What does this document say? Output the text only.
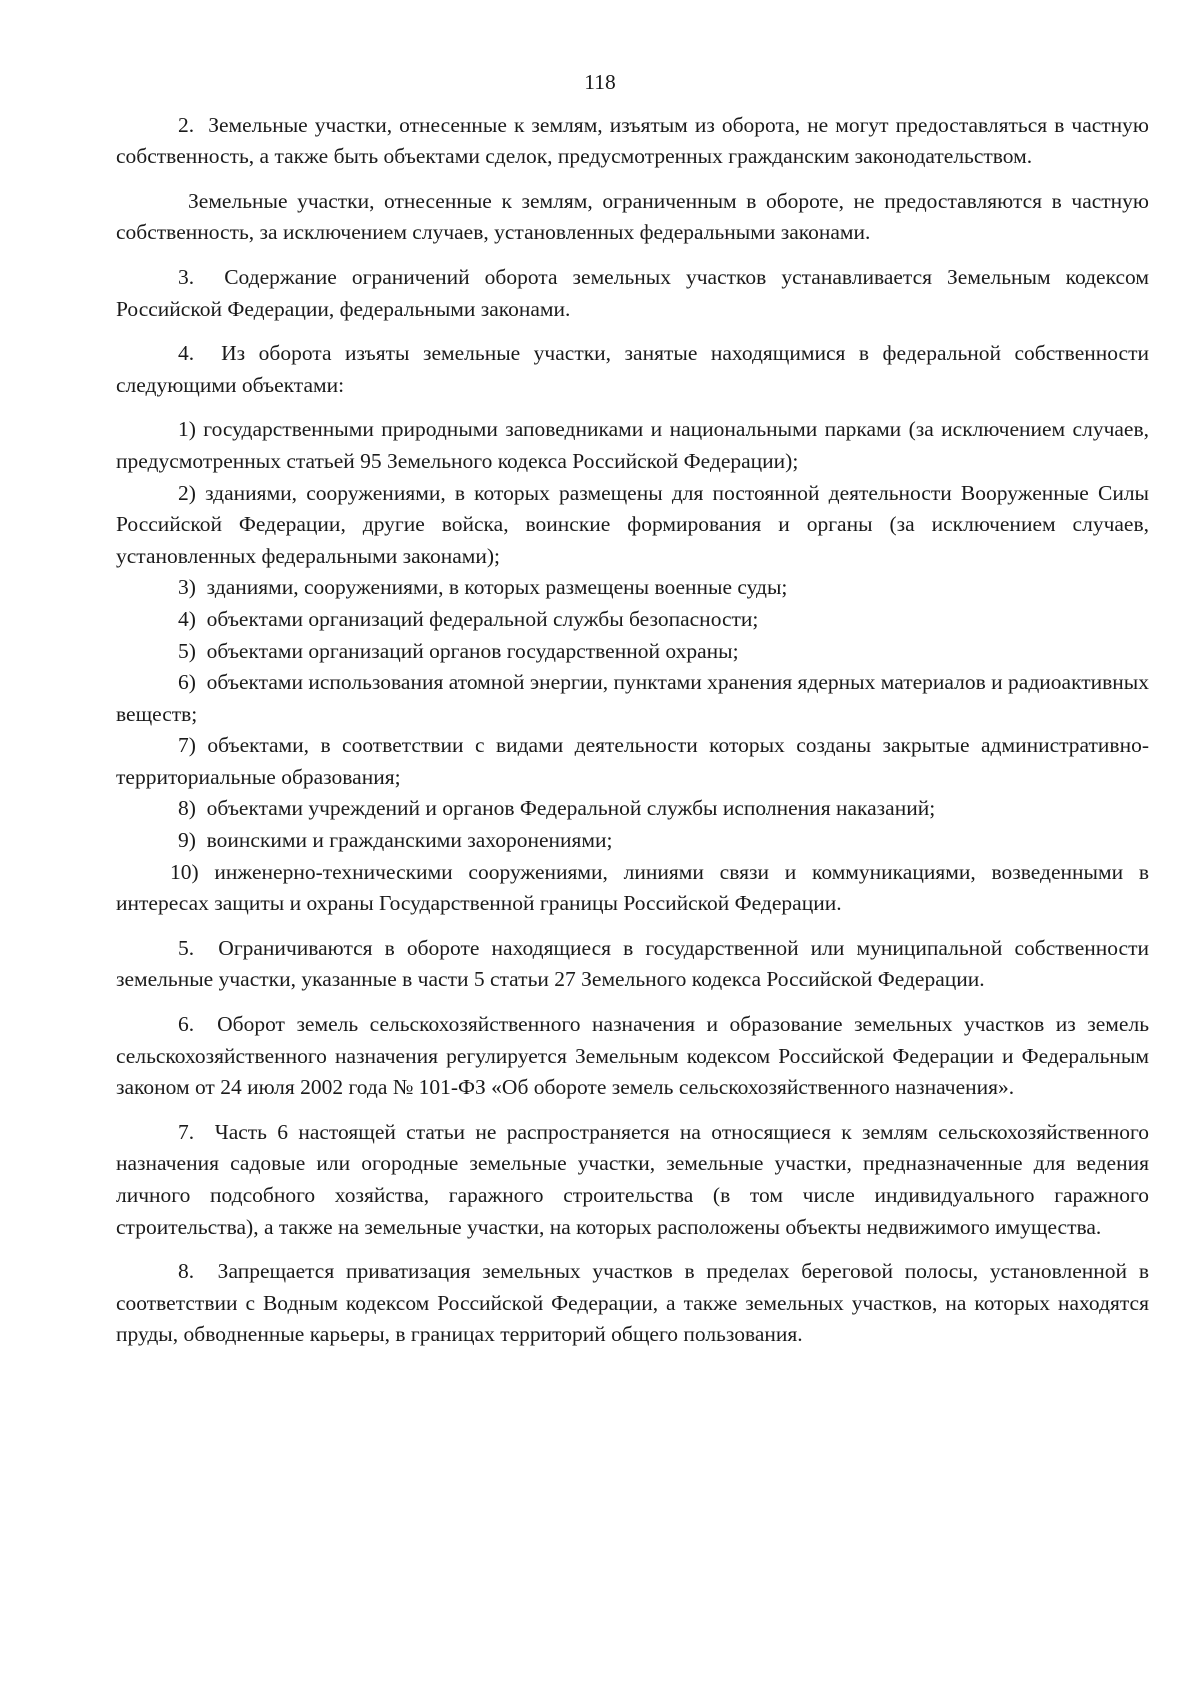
118

2.  Земельные участки, отнесенные к землям, изъятым из оборота, не могут предоставляться в частную собственность, а также быть объектами сделок, предусмотренных гражданским законодательством.

Земельные участки, отнесенные к землям, ограниченным в обороте, не предоставляются в частную собственность, за исключением случаев, установленных федеральными законами.

3.  Содержание ограничений оборота земельных участков устанавливается Земельным кодексом Российской Федерации, федеральными законами.

4.  Из оборота изъяты земельные участки, занятые находящимися в федеральной собственности следующими объектами:

1) государственными природными заповедниками и национальными парками (за исключением случаев, предусмотренных статьей 95 Земельного кодекса Российской Федерации);

2) зданиями, сооружениями, в которых размещены для постоянной деятельности Вооруженные Силы Российской Федерации, другие войска, воинские формирования и органы (за исключением случаев, установленных федеральными законами);

3)  зданиями, сооружениями, в которых размещены военные суды;

4)  объектами организаций федеральной службы безопасности;

5)  объектами организаций органов государственной охраны;

6)  объектами использования атомной энергии, пунктами хранения ядерных материалов и радиоактивных веществ;

7) объектами, в соответствии с видами деятельности которых созданы закрытые административно-территориальные образования;

8)  объектами учреждений и органов Федеральной службы исполнения наказаний;

9)  воинскими и гражданскими захоронениями;

10) инженерно-техническими сооружениями, линиями связи и коммуникациями, возведенными в интересах защиты и охраны Государственной границы Российской Федерации.

5.  Ограничиваются в обороте находящиеся в государственной или муниципальной собственности земельные участки, указанные в части 5 статьи 27 Земельного кодекса Российской Федерации.

6.  Оборот земель сельскохозяйственного назначения и образование земельных участков из земель сельскохозяйственного назначения регулируется Земельным кодексом Российской Федерации и Федеральным законом от 24 июля 2002 года № 101-ФЗ «Об обороте земель сельскохозяйственного назначения».

7.  Часть 6 настоящей статьи не распространяется на относящиеся к землям сельскохозяйственного назначения садовые или огородные земельные участки, земельные участки, предназначенные для ведения личного подсобного хозяйства, гаражного строительства (в том числе индивидуального гаражного строительства), а также на земельные участки, на которых расположены объекты недвижимого имущества.

8.  Запрещается приватизация земельных участков в пределах береговой полосы, установленной в соответствии с Водным кодексом Российской Федерации, а также земельных участков, на которых находятся пруды, обводненные карьеры, в границах территорий общего пользования.
